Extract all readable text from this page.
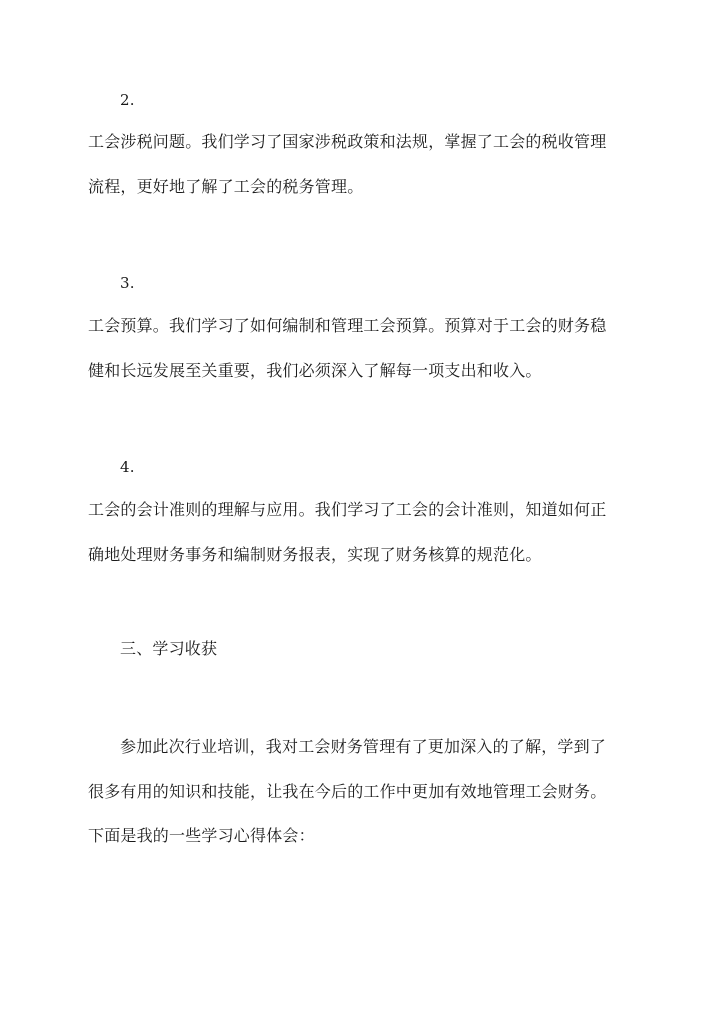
2.
工会涉税问题。我们学习了国家涉税政策和法规，掌握了工会的税收管理
流程，更好地了解了工会的税务管理。
3.
工会预算。我们学习了如何编制和管理工会预算。预算对于工会的财务稳
健和长远发展至关重要，我们必须深入了解每一项支出和收入。
4.
工会的会计准则的理解与应用。我们学习了工会的会计准则，知道如何正
确地处理财务事务和编制财务报表，实现了财务核算的规范化。
三、学习收获
参加此次行业培训，我对工会财务管理有了更加深入的了解，学到了
很多有用的知识和技能，让我在今后的工作中更加有效地管理工会财务。
下面是我的一些学习心得体会：
